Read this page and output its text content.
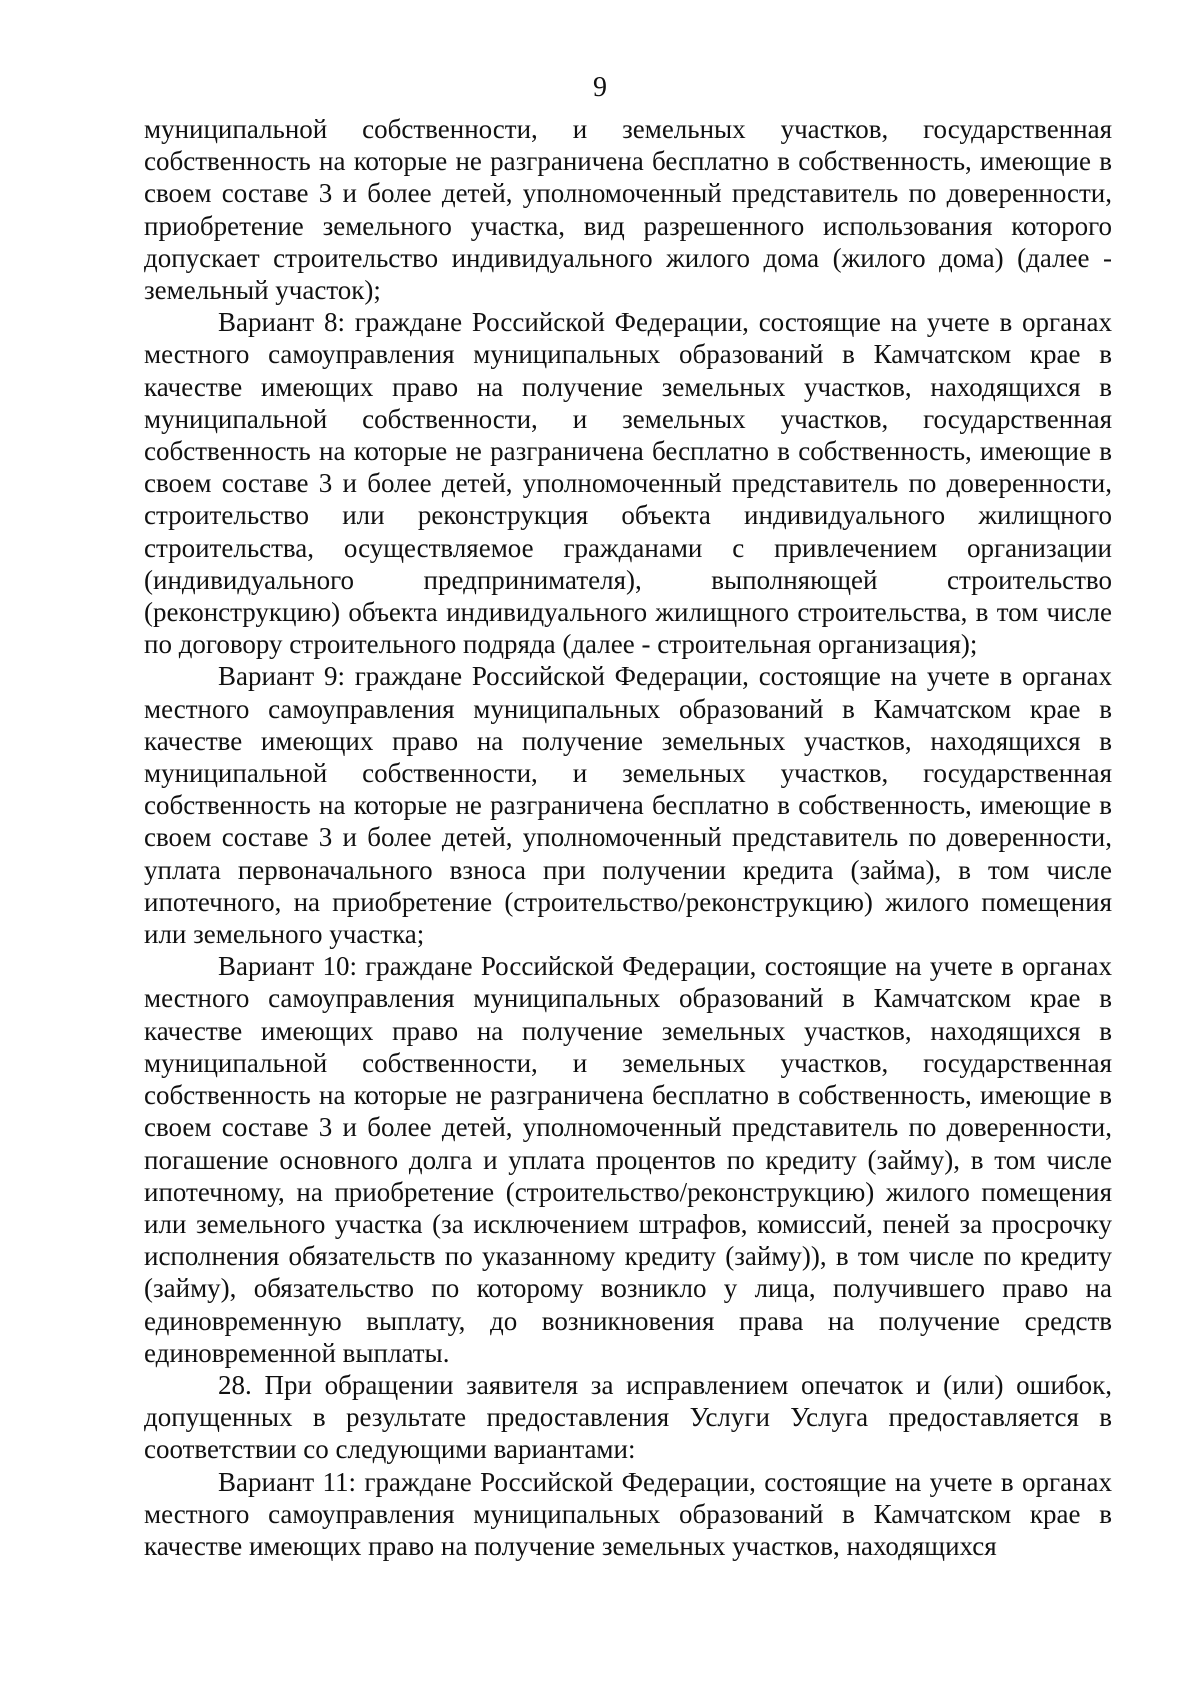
9

муниципальной собственности, и земельных участков, государственная собственность на которые не разграничена бесплатно в собственность, имеющие в своем составе 3 и более детей, уполномоченный представитель по доверенности, приобретение земельного участка, вид разрешенного использования которого допускает строительство индивидуального жилого дома (жилого дома) (далее - земельный участок);

Вариант 8: граждане Российской Федерации, состоящие на учете в органах местного самоуправления муниципальных образований в Камчатском крае в качестве имеющих право на получение земельных участков, находящихся в муниципальной собственности, и земельных участков, государственная собственность на которые не разграничена бесплатно в собственность, имеющие в своем составе 3 и более детей, уполномоченный представитель по доверенности, строительство или реконструкция объекта индивидуального жилищного строительства, осуществляемое гражданами с привлечением организации (индивидуального предпринимателя), выполняющей строительство (реконструкцию) объекта индивидуального жилищного строительства, в том числе по договору строительного подряда (далее - строительная организация);

Вариант 9: граждане Российской Федерации, состоящие на учете в органах местного самоуправления муниципальных образований в Камчатском крае в качестве имеющих право на получение земельных участков, находящихся в муниципальной собственности, и земельных участков, государственная собственность на которые не разграничена бесплатно в собственность, имеющие в своем составе 3 и более детей, уполномоченный представитель по доверенности, уплата первоначального взноса при получении кредита (займа), в том числе ипотечного, на приобретение (строительство/реконструкцию) жилого помещения или земельного участка;

Вариант 10: граждане Российской Федерации, состоящие на учете в органах местного самоуправления муниципальных образований в Камчатском крае в качестве имеющих право на получение земельных участков, находящихся в муниципальной собственности, и земельных участков, государственная собственность на которые не разграничена бесплатно в собственность, имеющие в своем составе 3 и более детей, уполномоченный представитель по доверенности, погашение основного долга и уплата процентов по кредиту (займу), в том числе ипотечному, на приобретение (строительство/реконструкцию) жилого помещения или земельного участка (за исключением штрафов, комиссий, пеней за просрочку исполнения обязательств по указанному кредиту (займу)), в том числе по кредиту (займу), обязательство по которому возникло у лица, получившего право на единовременную выплату, до возникновения права на получение средств единовременной выплаты.

28. При обращении заявителя за исправлением опечаток и (или) ошибок, допущенных в результате предоставления Услуги Услуга предоставляется в соответствии со следующими вариантами:

Вариант 11: граждане Российской Федерации, состоящие на учете в органах местного самоуправления муниципальных образований в Камчатском крае в качестве имеющих право на получение земельных участков, находящихся
